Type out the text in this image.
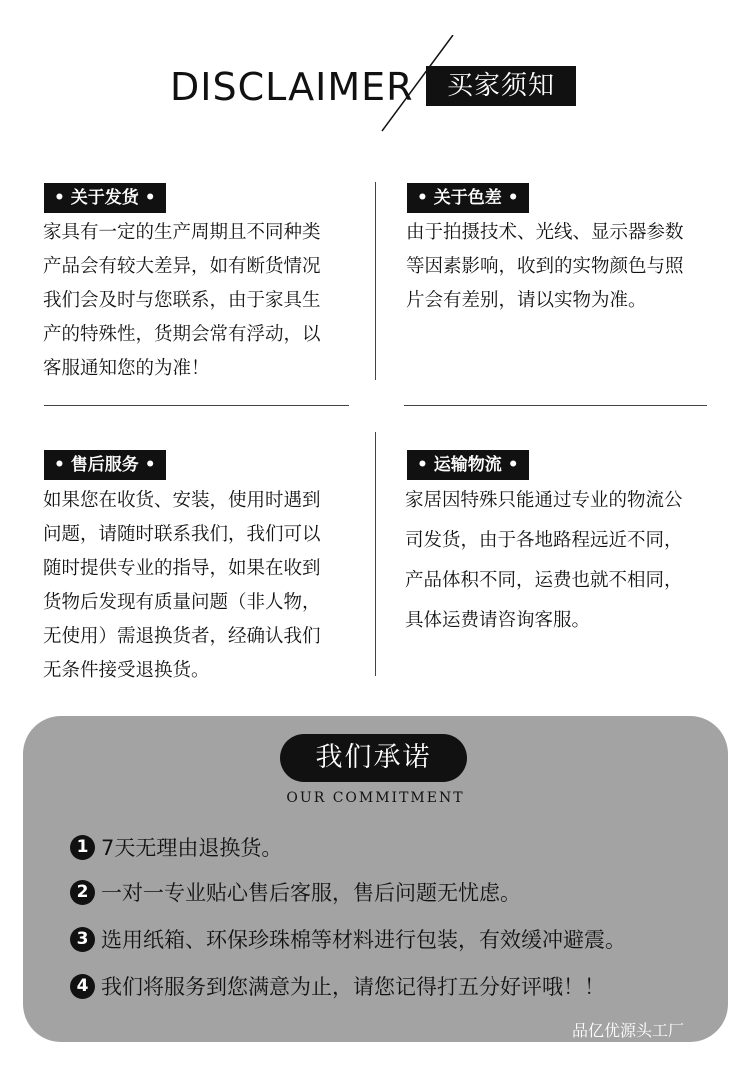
DISCLAIMER	买家须知
• 关于发货 •
家具有一定的生产周期且不同种类
产品会有较大差异，如有断货情况
我们会及时与您联系，由于家具生
产的特殊性，货期会常有浮动，以
客服通知您的为准！
• 关于色差 •
由于拍摄技术、光线、显示器参数
等因素影响，收到的实物颜色与照
片会有差别，请以实物为准。
• 售后服务 •
如果您在收货、安装，使用时遇到
问题，请随时联系我们，我们可以
随时提供专业的指导，如果在收到
货物后发现有质量问题（非人物，
无使用）需退换货者，经确认我们
无条件接受退换货。
• 运输物流 •
家居因特殊只能通过专业的物流公
司发货，由于各地路程远近不同，
产品体积不同，运费也就不相同，
具体运费请咨询客服。
我们承诺
OUR COMMITMENT
1 7天无理由退换货。
2 一对一专业贴心售后客服，售后问题无忧虑。
3 选用纸箱、环保珍珠棉等材料进行包装，有效缓冲避震。
4 我们将服务到您满意为止，请您记得打五分好评哦！！
品亿优源头工厂
